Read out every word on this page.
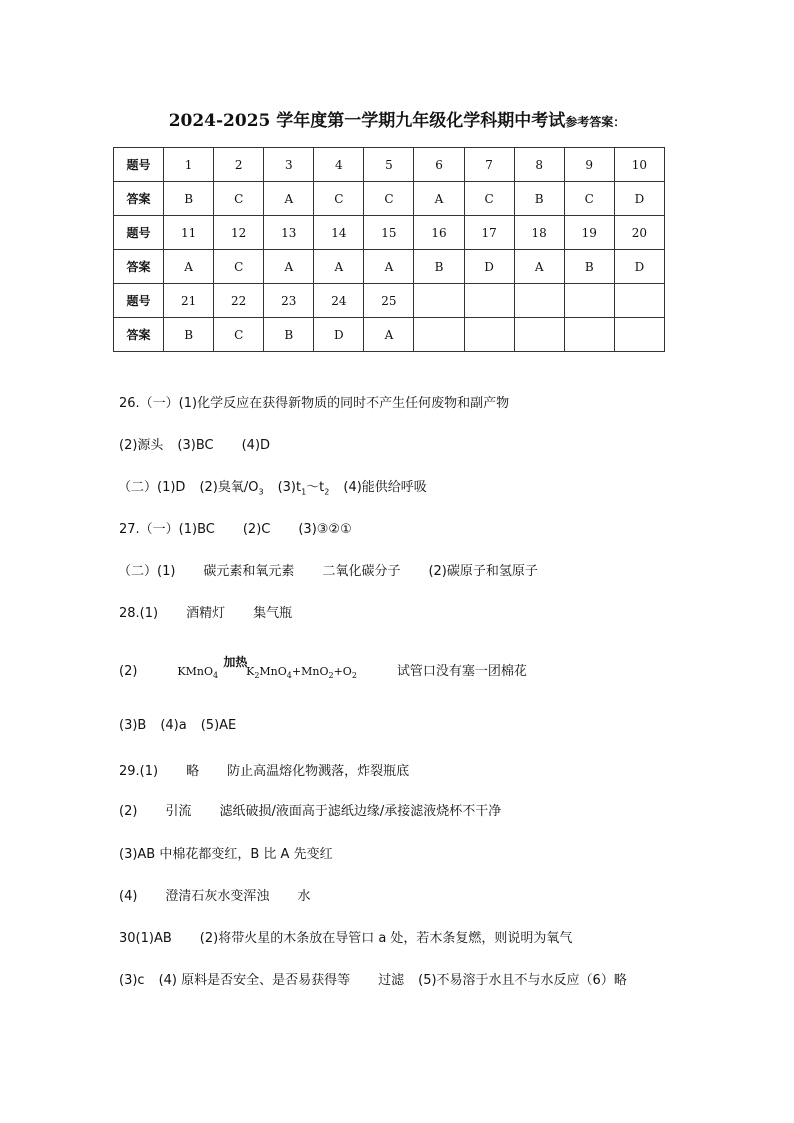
2024-2025 学年度第一学期九年级化学科期中考试参考答案：
题号	1	2	3	4	5	6	7	8	9	10
答案	B	C	A	C	C	A	C	B	C	D
题号	11	12	13	14	15	16	17	18	19	20
答案	A	C	A	A	A	B	D	A	B	D
题号	21	22	23	24	25					
答案	B	C	B	D	A					
26.（一）(1)化学反应在获得新物质的同时不产生任何废物和副产物
(2)源头 (3)BC (4)D
（二）(1)D (2)臭氧$/O_3$ $(3)t_1\sim t_2$ (4)能供给呼吸
27.（一）(1)BC (2)C (3)③②①
（二）(1) 碳元素和氧元素 二氧化碳分子 (2)碳原子和氢原子
28.(1) 酒精灯 集气瓶
(2)
加热
KMnO$_4$	$K_2MnO_4+MnO_2+O_2$	试管口没有塞一团棉花
(3)B (4)a (5)AE
29.(1) 略 防止高温熔化物溅落，炸裂瓶底
(2) 引流 滤纸破损/液面高于滤纸边缘/承接滤液烧杯不干净
(3)AB 中棉花都变红，B 比 A 先变红
(4) 澄清石灰水变浑浊 水
30(1)AB (2)将带火星的木条放在导管口 a 处，若木条复燃，则说明为氧气
(3)c (4) 原料是否安全、是否易获得等 过滤 (5)不易溶于水且不与水反应（6）略
